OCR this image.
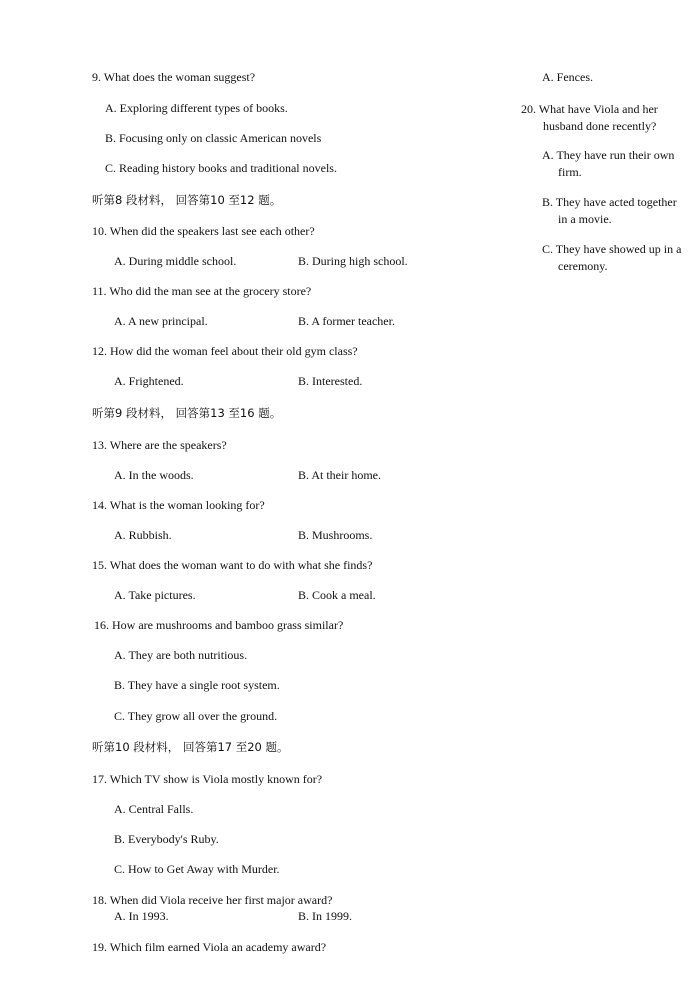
9. What does the woman suggest?
A. Exploring different types of books.
B. Focusing only on classic American novels
C. Reading history books and traditional novels.
听第8 段材料， 回答第10 至12 题。
10. When did the speakers last see each other?
A. During middle school.	B. During high school.
11. Who did the man see at the grocery store?
A. A new principal.	B. A former teacher.
12. How did the woman feel about their old gym class?
A. Frightened.	B. Interested.
听第9 段材料， 回答第13 至16 题。
13. Where are the speakers?
A. In the woods.	B. At their home.
14. What is the woman looking for?
A. Rubbish.	B. Mushrooms.
15. What does the woman want to do with what she finds?
A. Take pictures.	B. Cook a meal.
16. How are mushrooms and bamboo grass similar?
A. They are both nutritious.
B. They have a single root system.
C. They grow all over the ground.
听第10 段材料， 回答第17 至20 题。
17. Which TV show is Viola mostly known for?
A. Central Falls.
B. Everybody's Ruby.
C. How to Get Away with Murder.
18. When did Viola receive her first major award?
A. In 1993.	B. In 1999.
19. Which film earned Viola an academy award?
A. Fences.
20. What have Viola and her husband done recently?
A. They have run their own firm.
B. They have acted together in a movie.
C. They have showed up in a ceremony.
